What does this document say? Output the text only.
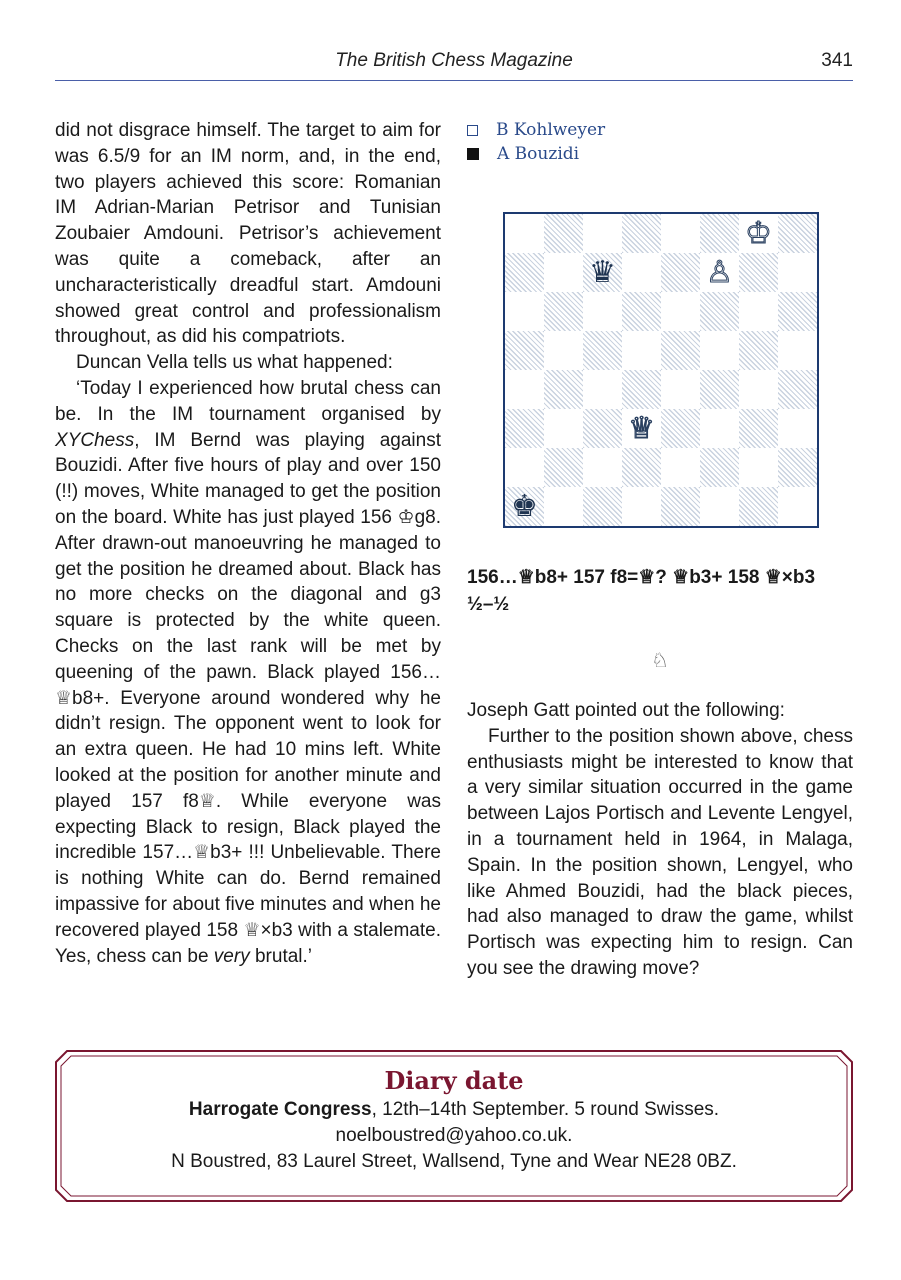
The British Chess Magazine	341

did not disgrace himself. The target to aim for was 6.5/9 for an IM norm, and, in the end, two players achieved this score: Romanian IM Adrian-Marian Petrisor and Tunisian Zoubaier Amdouni. Petrisor’s achievement was quite a comeback, after an uncharacteristically dreadful start. Amdouni showed great control and professionalism throughout, as did his compatriots.

Duncan Vella tells us what happened:

‘Today I experienced how brutal chess can be. In the IM tournament organised by XYChess, IM Bernd was playing against Bouzidi. After five hours of play and over 150 (!!) moves, White managed to get the position on the board. White has just played 156 ♔g8. After drawn-out manoeuvring he managed to get the position he dreamed about. Black has no more checks on the diagonal and g3 square is protected by the white queen. Checks on the last rank will be met by queening of the pawn. Black played 156…♕b8+. Everyone around wondered why he didn’t resign. The opponent went to look for an extra queen. He had 10 mins left. White looked at the position for another minute and played 157 f8♕. While everyone was expecting Black to resign, Black played the incredible 157…♕b3+ !!! Unbelievable. There is nothing White can do. Bernd remained impassive for about five minutes and when he recovered played 158 ♕×b3 with a stalemate. Yes, chess can be very brutal.’

B Kohlweyer
A Bouzidi
♔
♛	♙
♕
♚
156…♕b8+ 157 f8=♕? ♕b3+ 158 ♕×b3
½–½
♘

Joseph Gatt pointed out the following:

Further to the position shown above, chess enthusiasts might be interested to know that a very similar situation occurred in the game between Lajos Portisch and Levente Lengyel, in a tournament held in 1964, in Malaga, Spain. In the position shown, Lengyel, who like Ahmed Bouzidi, had the black pieces, had also managed to draw the game, whilst Portisch was expecting him to resign. Can you see the drawing move?

Diary date
Harrogate Congress, 12th–14th September. 5 round Swisses.
noelboustred@yahoo.co.uk.
N Boustred, 83 Laurel Street, Wallsend, Tyne and Wear NE28 0BZ.
